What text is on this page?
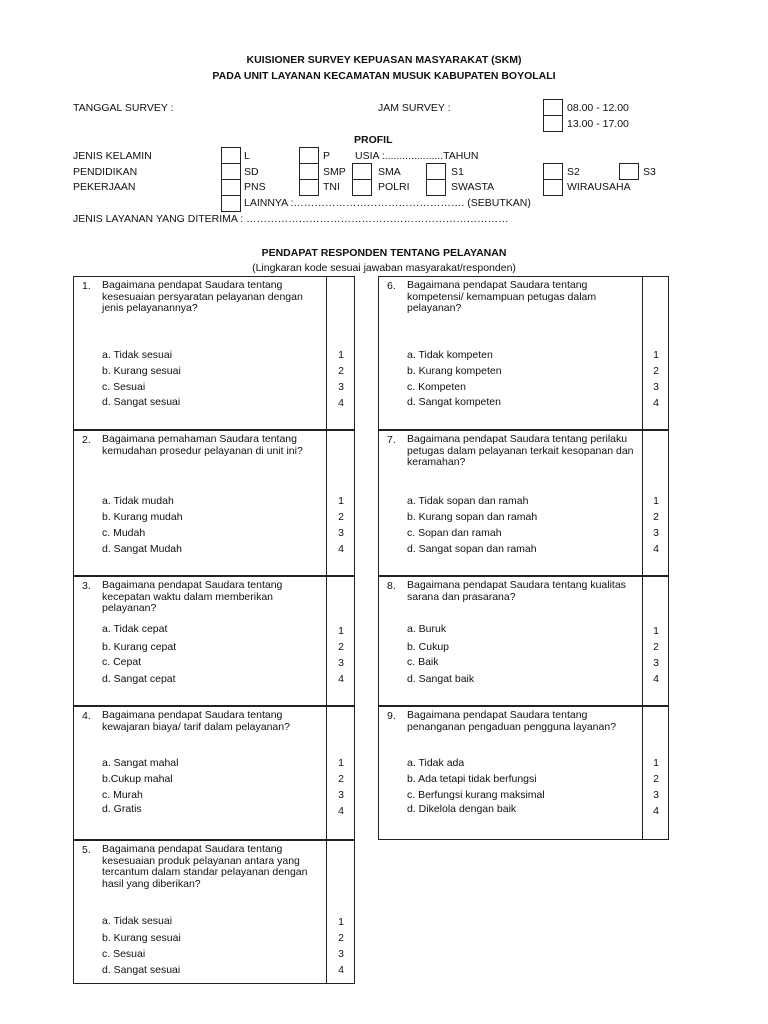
KUISIONER SURVEY KEPUASAN MASYARAKAT (SKM)
PADA UNIT LAYANAN KECAMATAN MUSUK KABUPATEN BOYOLALI
TANGGAL SURVEY :	JAM SURVEY :	08.00 - 12.00
13.00 - 17.00
PROFIL
JENIS KELAMIN	L	P USIA :....................TAHUN
PENDIDIKAN	SD	SMP	SMA	S1	S2	S3
PEKERJAAN	PNS	TNI	POLRI	SWASTA	WIRAUSAHA
LAINNYA :…………………………………………. (SEBUTKAN)
JENIS LAYANAN YANG DITERIMA : …………………………………………………………………
PENDAPAT RESPONDEN TENTANG PELAYANAN
(Lingkaran kode sesuai jawaban masyarakat/responden)
1. Bagaimana pendapat Saudara tentang kesesuaian persyaratan pelayanan dengan jenis pelayanannya?
a. Tidak sesuai	1
b. Kurang sesuai	2
c. Sesuai	3
d. Sangat sesuai	4
2. Bagaimana pemahaman Saudara tentang kemudahan prosedur pelayanan di unit ini?
a. Tidak mudah	1
b. Kurang mudah	2
c. Mudah	3
d. Sangat Mudah	4
3. Bagaimana pendapat Saudara tentang kecepatan waktu dalam memberikan pelayanan?
a. Tidak cepat	1
b. Kurang cepat	2
c. Cepat	3
d. Sangat cepat	4
4. Bagaimana pendapat Saudara tentang kewajaran biaya/ tarif dalam pelayanan?
a. Sangat mahal	1
b.Cukup mahal	2
c. Murah	3
d. Gratis	4
5. Bagaimana pendapat Saudara tentang kesesuaian produk pelayanan antara yang tercantum dalam standar pelayanan dengan hasil yang diberikan?
a. Tidak sesuai	1
b. Kurang sesuai	2
c. Sesuai	3
d. Sangat sesuai	4
6. Bagaimana pendapat Saudara tentang kompetensi/ kemampuan petugas dalam pelayanan?
a. Tidak kompeten	1
b. Kurang kompeten	2
c. Kompeten	3
d. Sangat kompeten	4
7. Bagaimana pendapat Saudara tentang perilaku petugas dalam pelayanan terkait kesopanan dan keramahan?
a. Tidak sopan dan ramah	1
b. Kurang sopan dan ramah	2
c. Sopan dan ramah	3
d. Sangat sopan dan ramah	4
8. Bagaimana pendapat Saudara tentang kualitas sarana dan prasarana?
a. Buruk	1
b. Cukup	2
c. Baik	3
d. Sangat baik	4
9. Bagaimana pendapat Saudara tentang penanganan pengaduan pengguna layanan?
a. Tidak ada	1
b. Ada tetapi tidak berfungsi	2
c. Berfungsi kurang maksimal	3
d. Dikelola dengan baik	4
